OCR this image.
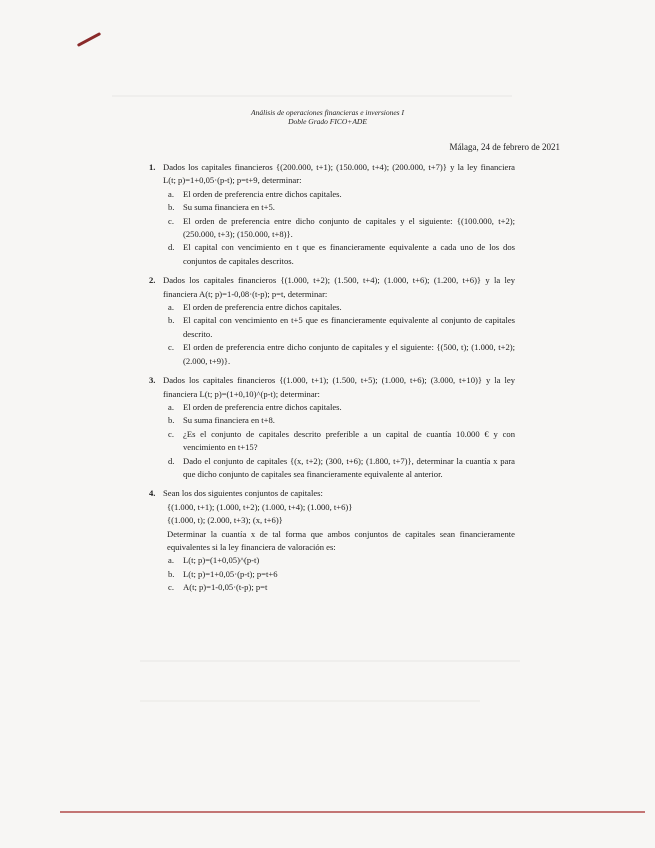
Análisis de operaciones financieras e inversiones I
Doble Grado FICO+ADE
Málaga, 24 de febrero de 2021
1. Dados los capitales financieros {(200.000, t+1); (150.000, t+4); (200.000, t+7)} y la ley financiera L(t; p)=1+0,05·(p-t); p=t+9, determinar:
a. El orden de preferencia entre dichos capitales.
b. Su suma financiera en t+5.
c. El orden de preferencia entre dicho conjunto de capitales y el siguiente: {(100.000, t+2); (250.000, t+3); (150.000, t+8)}.
d. El capital con vencimiento en t que es financieramente equivalente a cada uno de los dos conjuntos de capitales descritos.
2. Dados los capitales financieros {(1.000, t+2); (1.500, t+4); (1.000, t+6); (1.200, t+6)} y la ley financiera A(t; p)=1-0,08·(t-p); p=t, determinar:
a. El orden de preferencia entre dichos capitales.
b. El capital con vencimiento en t+5 que es financieramente equivalente al conjunto de capitales descrito.
c. El orden de preferencia entre dicho conjunto de capitales y el siguiente: {(500, t); (1.000, t+2); (2.000, t+9)}.
3. Dados los capitales financieros {(1.000, t+1); (1.500, t+5); (1.000, t+6); (3.000, t+10)} y la ley financiera L(t; p)=(1+0,10)^(p-t); determinar:
a. El orden de preferencia entre dichos capitales.
b. Su suma financiera en t+8.
c. ¿Es el conjunto de capitales descrito preferible a un capital de cuantía 10.000 € y con vencimiento en t+15?
d. Dado el conjunto de capitales {(x, t+2); (300, t+6); (1.800, t+7)}, determinar la cuantía x para que dicho conjunto de capitales sea financieramente equivalente al anterior.
4. Sean los dos siguientes conjuntos de capitales:
{(1.000, t+1); (1.000, t+2); (1.000, t+4); (1.000, t+6)}
{(1.000, t); (2.000, t+3); (x, t+6)}
Determinar la cuantía x de tal forma que ambos conjuntos de capitales sean financieramente equivalentes si la ley financiera de valoración es:
a. L(t; p)=(1+0,05)^(p-t)
b. L(t; p)=1+0,05·(p-t); p=t+6
c. A(t; p)=1-0,05·(t-p); p=t
